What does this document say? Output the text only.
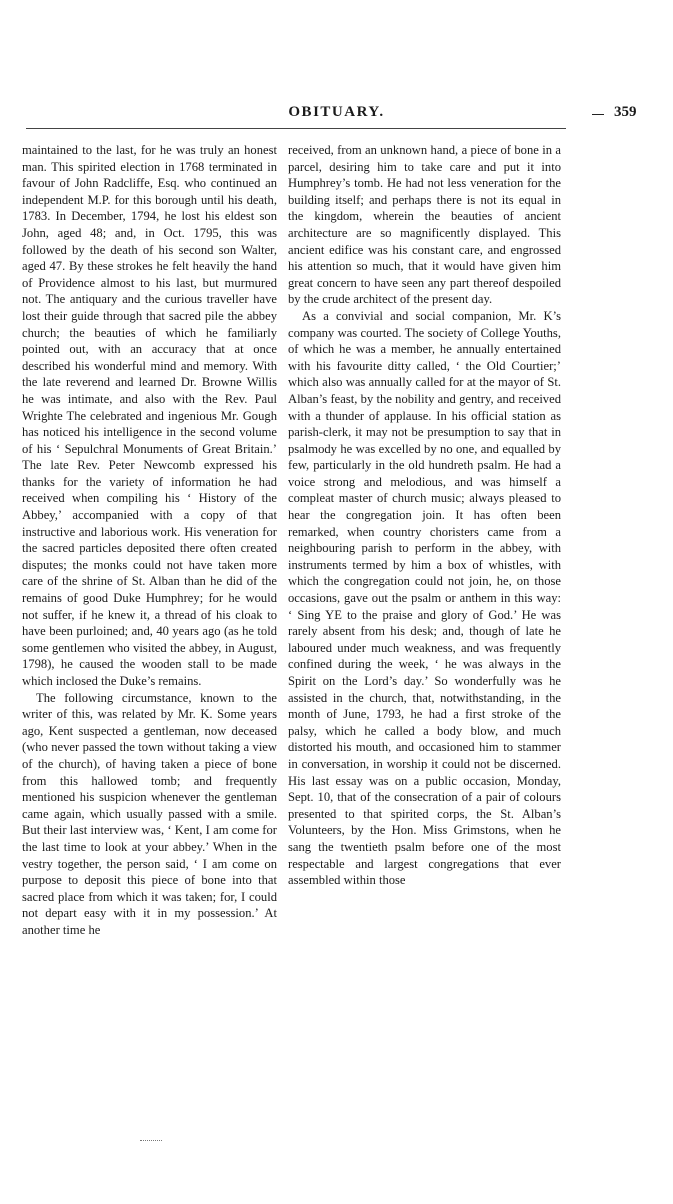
OBITUARY.	359

maintained to the last, for he was truly an honest man. This spirited election in 1768 terminated in favour of John Radcliffe, Esq. who continued an independent M.P. for this borough until his death, 1783. In December, 1794, he lost his eldest son John, aged 48; and, in Oct. 1795, this was followed by the death of his second son Walter, aged 47. By these strokes he felt heavily the hand of Providence almost to his last, but murmured not. The antiquary and the curious traveller have lost their guide through that sacred pile the abbey church; the beauties of which he familiarly pointed out, with an accuracy that at once described his wonderful mind and memory. With the late reverend and learned Dr. Browne Willis he was intimate, and also with the Rev. Paul Wrighte The celebrated and ingenious Mr. Gough has noticed his intelligence in the second volume of his ‘ Sepulchral Monuments of Great Britain.’ The late Rev. Peter Newcomb expressed his thanks for the variety of information he had received when compiling his ‘ History of the Abbey,’ accompanied with a copy of that instructive and laborious work. His veneration for the sacred particles deposited there often created disputes; the monks could not have taken more care of the shrine of St. Alban than he did of the remains of good Duke Humphrey; for he would not suffer, if he knew it, a thread of his cloak to have been purloined; and, 40 years ago (as he told some gentlemen who visited the abbey, in August, 1798), he caused the wooden stall to be made which inclosed the Duke’s remains.

The following circumstance, known to the writer of this, was related by Mr. K. Some years ago, Kent suspected a gentleman, now deceased (who never passed the town without taking a view of the church), of having taken a piece of bone from this hallowed tomb; and frequently mentioned his suspicion whenever the gentleman came again, which usually passed with a smile. But their last interview was, ‘ Kent, I am come for the last time to look at your abbey.’ When in the vestry together, the person said, ‘ I am come on purpose to deposit this piece of bone into that sacred place from which it was taken; for, I could not depart easy with it in my possession.’ At another time he

received, from an unknown hand, a piece of bone in a parcel, desiring him to take care and put it into Humphrey’s tomb. He had not less veneration for the building itself; and perhaps there is not its equal in the kingdom, wherein the beauties of ancient architecture are so magnificently displayed. This ancient edifice was his constant care, and engrossed his attention so much, that it would have given him great concern to have seen any part thereof despoiled by the crude architect of the present day.

As a convivial and social companion, Mr. K’s company was courted. The society of College Youths, of which he was a member, he annually entertained with his favourite ditty called, ‘ the Old Courtier;’ which also was annually called for at the mayor of St. Alban’s feast, by the nobility and gentry, and received with a thunder of applause. In his official station as parish-clerk, it may not be presumption to say that in psalmody he was excelled by no one, and equalled by few, particularly in the old hundreth psalm. He had a voice strong and melodious, and was himself a compleat master of church music; always pleased to hear the congregation join. It has often been remarked, when country choristers came from a neighbouring parish to perform in the abbey, with instruments termed by him a box of whistles, with which the congregation could not join, he, on those occasions, gave out the psalm or anthem in this way: ‘ Sing YE to the praise and glory of God.’ He was rarely absent from his desk; and, though of late he laboured under much weakness, and was frequently confined during the week, ‘ he was always in the Spirit on the Lord’s day.’ So wonderfully was he assisted in the church, that, notwithstanding, in the month of June, 1793, he had a first stroke of the palsy, which he called a body blow, and much distorted his mouth, and occasioned him to stammer in conversation, in worship it could not be discerned. His last essay was on a public occasion, Monday, Sept. 10, that of the consecration of a pair of colours presented to that spirited corps, the St. Alban’s Volunteers, by the Hon. Miss Grimstons, when he sang the twentieth psalm before one of the most respectable and largest congregations that ever assembled within those
